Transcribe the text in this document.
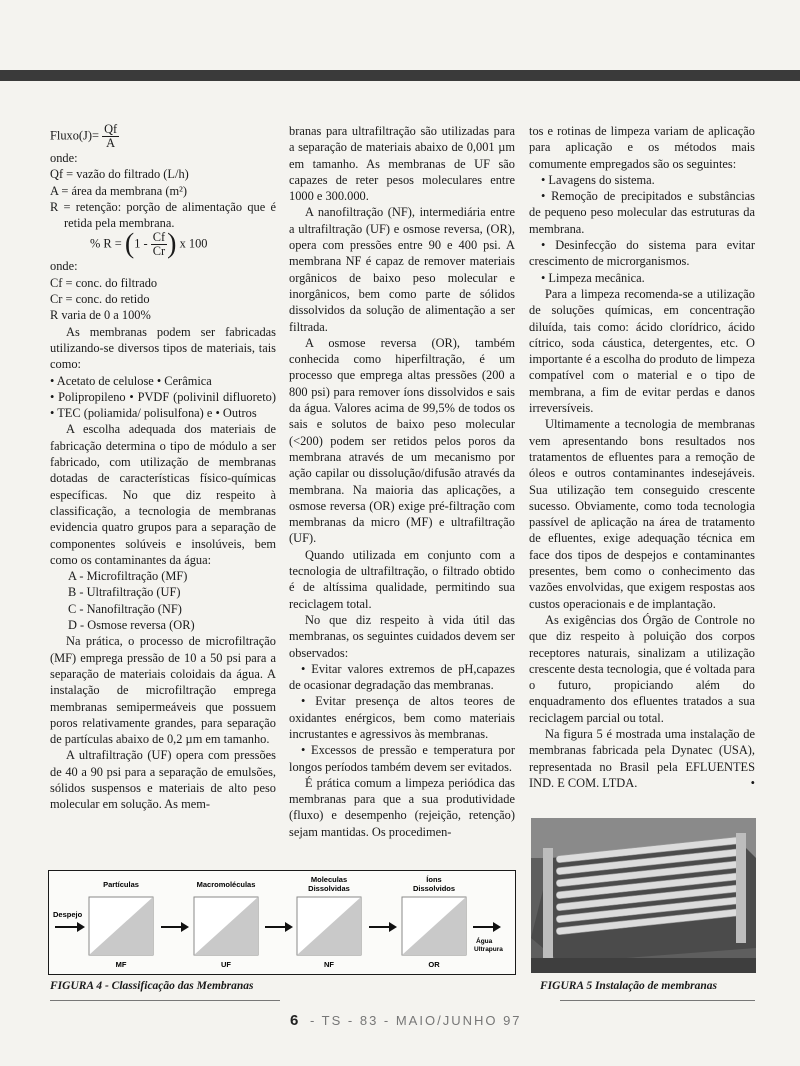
Fluxo(J)= $\frac{Qf}{A}$

onde:

Qf = vazão do filtrado (L/h)

A = área da membrana (m²)

R = retenção: porção de alimentação que é retida pela membrana.

% $R = (1 - \frac{Cf}{Cr}$ ) x 100

onde:

Cf = conc. do filtrado

Cr = conc. do retido

R varia de 0 a 100%

As membranas podem ser fabricadas utilizando-se diversos tipos de materiais, tais como:

• Acetato de celulose • Cerâmica

• Polipropileno • PVDF (polivinil difluoreto) • TEC (poliamida/ polisulfona) e • Outros

A escolha adequada dos materiais de fabricação determina o tipo de módulo a ser fabricado, com utilização de membranas dotadas de características físico-químicas específicas. No que diz respeito à classificação, a tecnologia de membranas evidencia quatro grupos para a separação de componentes solúveis e insolúveis, bem como os contaminantes da água:

A - Microfiltração (MF)

B - Ultrafiltração (UF)

C - Nanofiltração (NF)

D - Osmose reversa (OR)

Na prática, o processo de microfiltração (MF) emprega pressão de 10 a 50 psi para a separação de materiais coloidais da água. A instalação de microfiltração emprega membranas semipermeáveis que possuem poros relativamente grandes, para separação de partículas abaixo de 0,2 µm em tamanho.

A ultrafiltração (UF) opera com pressões de 40 a 90 psi para a separação de emulsões, sólidos suspensos e materiais de alto peso molecular em solução. As mem-

branas para ultrafiltração são utilizadas para a separação de materiais abaixo de 0,001 µm em tamanho. As membranas de UF são capazes de reter pesos moleculares entre 1000 e 300.000.

A nanofiltração (NF), intermediária entre a ultrafiltração (UF) e osmose reversa, (OR), opera com pressões entre 90 e 400 psi. A membrana NF é capaz de remover materiais orgânicos de baixo peso molecular e inorgânicos, bem como parte de sólidos dissolvidos da solução de alimentação a ser filtrada.

A osmose reversa (OR), também conhecida como hiperfiltração, é um processo que emprega altas pressões (200 a 800 psi) para remover íons dissolvidos e sais da água. Valores acima de 99,5% de todos os sais e solutos de baixo peso molecular (<200) podem ser retidos pelos poros da membrana através de um mecanismo por ação capilar ou dissolução/difusão através da membrana. Na maioria das aplicações, a osmose reversa (OR) exige pré-filtração com membranas da micro (MF) e ultrafiltração (UF).

Quando utilizada em conjunto com a tecnologia de ultrafiltração, o filtrado obtido é de altíssima qualidade, permitindo sua reciclagem total.

No que diz respeito à vida útil das membranas, os seguintes cuidados devem ser observados:

• Evitar valores extremos de pH,capazes de ocasionar degradação das membranas.

• Evitar presença de altos teores de oxidantes enérgicos, bem como materiais incrustantes e agressivos às membranas.

• Excessos de pressão e temperatura por longos períodos também devem ser evitados.

É prática comum a limpeza periódica das membranas para que a sua produtividade (fluxo) e desempenho (rejeição, retenção) sejam mantidas. Os procedimen-

tos e rotinas de limpeza variam de aplicação para aplicação e os métodos mais comumente empregados são os seguintes:

• Lavagens do sistema.

• Remoção de precipitados e substâncias de pequeno peso molecular das estruturas da membrana.

• Desinfecção do sistema para evitar crescimento de microrganismos.

• Limpeza mecânica.

Para a limpeza recomenda-se a utilização de soluções químicas, em concentração diluída, tais como: ácido clorídrico, ácido cítrico, soda cáustica, detergentes, etc. O importante é a escolha do produto de limpeza compatível com o material e o tipo de membrana, a fim de evitar perdas e danos irreversíveis.

Ultimamente a tecnologia de membranas vem apresentando bons resultados nos tratamentos de efluentes para a remoção de óleos e outros contaminantes indesejáveis. Sua utilização tem conseguido crescente sucesso. Obviamente, como toda tecnologia passível de aplicação na área de tratamento de efluentes, exige adequação técnica em face dos tipos de despejos e contaminantes presentes, bem como o conhecimento das vazões envolvidas, que exigem respostas aos custos operacionais e de implantação.

As exigências dos Órgão de Controle no que diz respeito à poluição dos corpos receptores naturais, sinalizam a utilização crescente desta tecnologia, que é voltada para o futuro, propiciando além do enquadramento dos efluentes tratados a sua reciclagem parcial ou total.

Na figura 5 é mostrada uma instalação de membranas fabricada pela Dynatec (USA), representada no Brasil pela EFLUENTES IND. E COM. LTDA.	•

Partículas	Macromoléculas
Moleculas
Dissolvidas
Íons
Dissolvidos
Despejo
Água
Ultrapura
MF	UF	NF	OR
FIGURA 4 - Classificação das Membranas	FIGURA 5 Instalação de membranas
6 - TS - 83 - MAIO/JUNHO 97
